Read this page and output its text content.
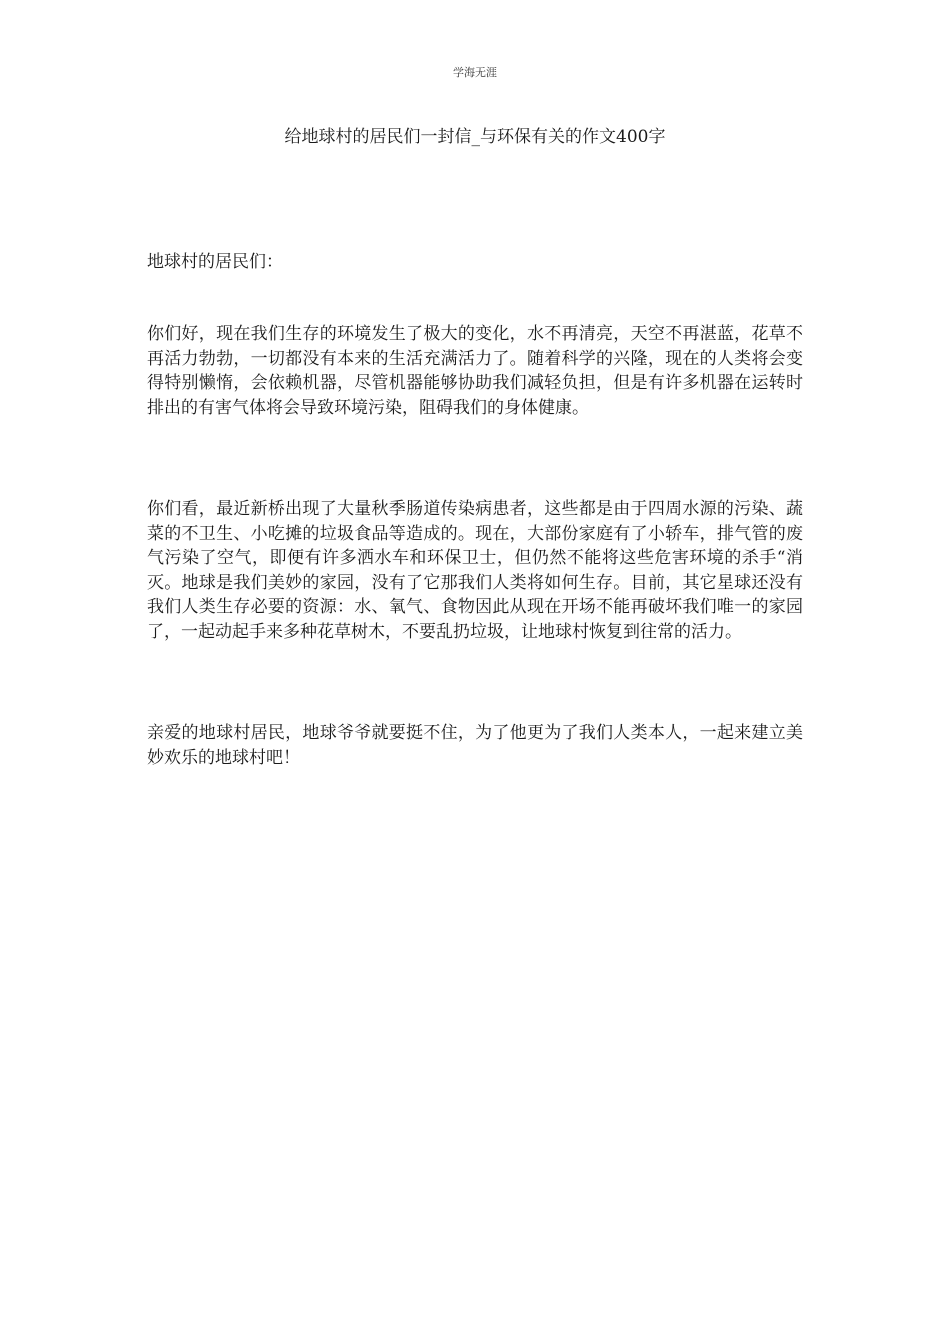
学海无涯
给地球村的居民们一封信_与环保有关的作文400字

地球村的居民们：

你们好，现在我们生存的环境发生了极大的变化，水不再清亮，天空不再湛蓝，花草不再活力勃勃，一切都没有本来的生活充满活力了。随着科学的兴隆，现在的人类将会变得特别懒惰，会依赖机器，尽管机器能够协助我们减轻负担，但是有许多机器在运转时排出的有害气体将会导致环境污染，阻碍我们的身体健康。

你们看，最近新桥出现了大量秋季肠道传染病患者，这些都是由于四周水源的污染、蔬菜的不卫生、小吃摊的垃圾食品等造成的。现在，大部份家庭有了小轿车，排气管的废气污染了空气，即便有许多洒水车和环保卫士，但仍然不能将这些危害环境的杀手“消灭。地球是我们美妙的家园，没有了它那我们人类将如何生存。目前，其它星球还没有我们人类生存必要的资源：水、氧气、食物因此从现在开场不能再破坏我们唯一的家园了，一起动起手来多种花草树木，不要乱扔垃圾，让地球村恢复到往常的活力。

亲爱的地球村居民，地球爷爷就要挺不住，为了他更为了我们人类本人，一起来建立美妙欢乐的地球村吧！
